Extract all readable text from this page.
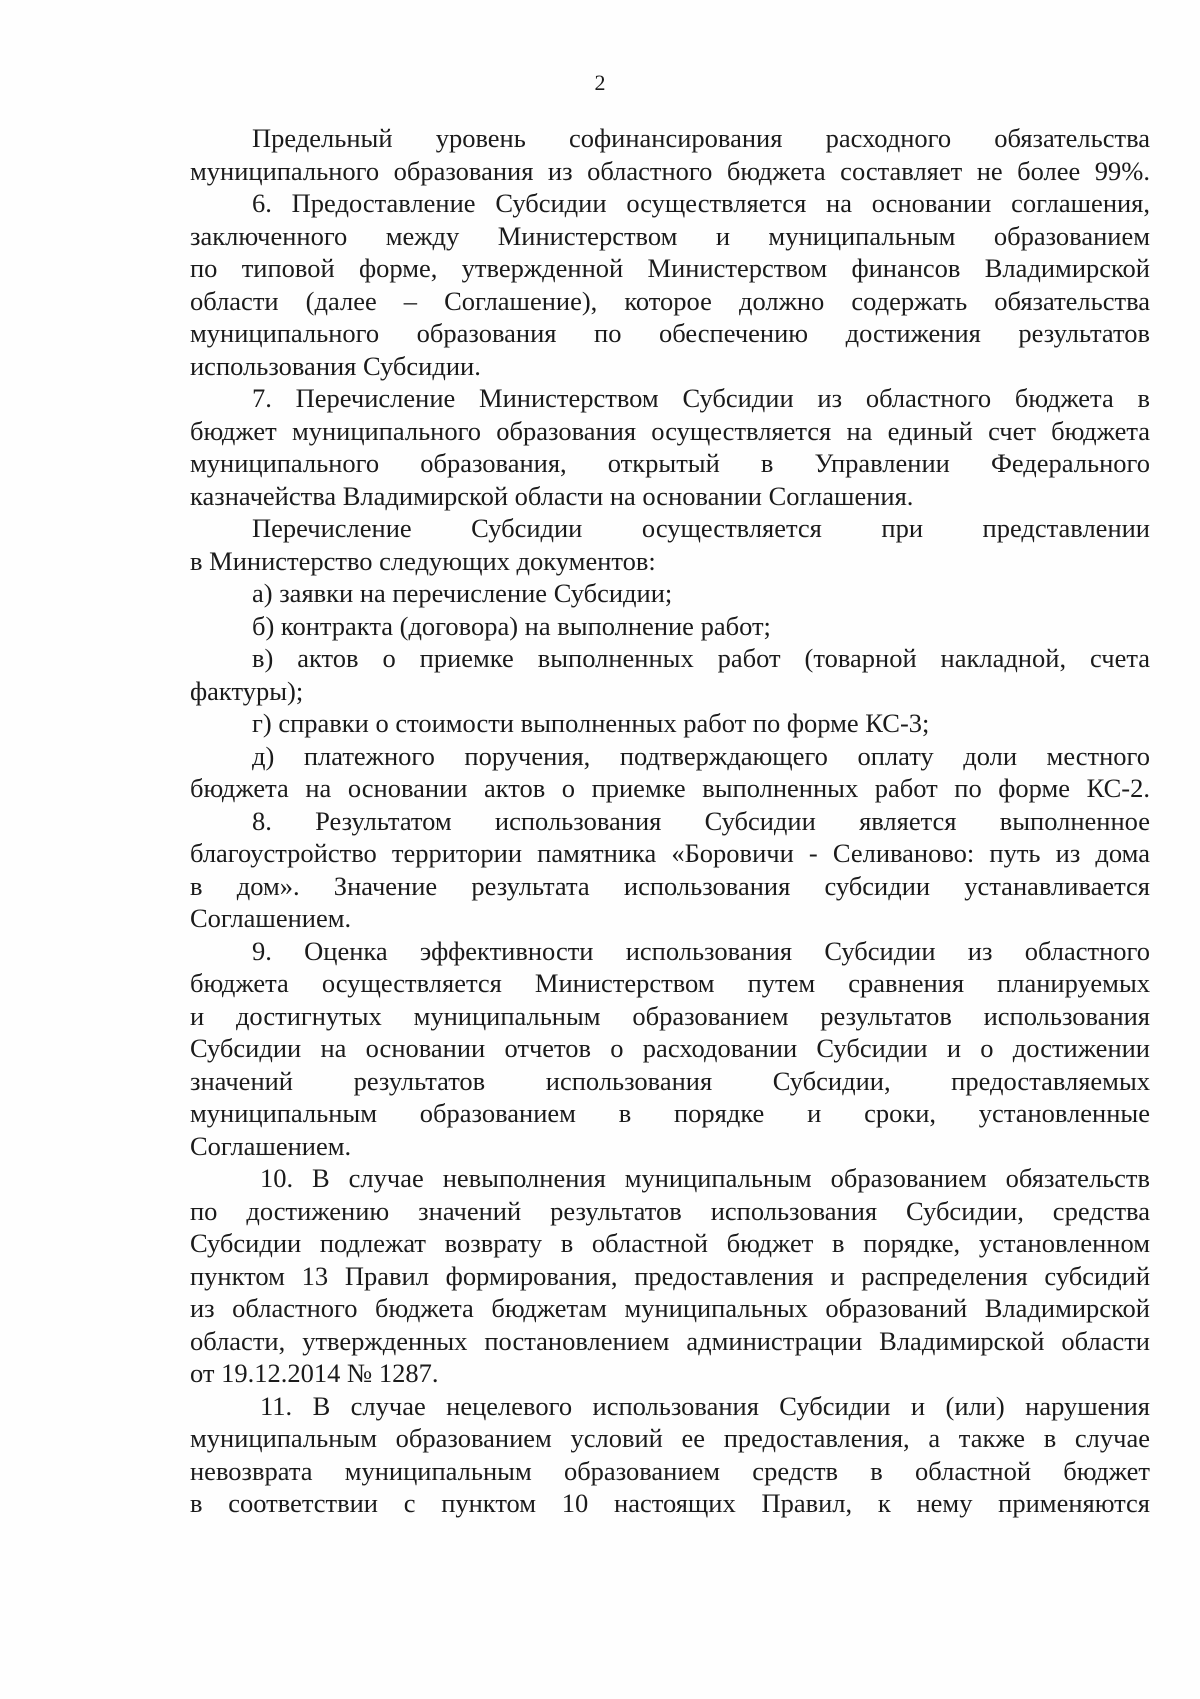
2
Предельный уровень софинансирования расходного обязательства
муниципального образования из областного бюджета составляет не более 99%.
6. Предоставление Субсидии осуществляется на основании соглашения,
заключенного между Министерством и муниципальным образованием
по типовой форме, утвержденной Министерством финансов Владимирской
области (далее – Соглашение), которое должно содержать обязательства
муниципального образования по обеспечению достижения результатов
использования Субсидии.
7. Перечисление Министерством Субсидии из областного бюджета в
бюджет муниципального образования осуществляется на единый счет бюджета
муниципального образования, открытый в Управлении Федерального
казначейства Владимирской области на основании Соглашения.
Перечисление Субсидии осуществляется при представлении
в Министерство следующих документов:
а) заявки на перечисление Субсидии;
б) контракта (договора) на выполнение работ;
в) актов о приемке выполненных работ (товарной накладной, счета
фактуры);
г) справки о стоимости выполненных работ по форме КС-3;
д) платежного поручения, подтверждающего оплату доли местного
бюджета на основании актов о приемке выполненных работ по форме КС-2.
8. Результатом использования Субсидии является выполненное
благоустройство территории памятника «Боровичи - Селиваново: путь из дома
в дом». Значение результата использования субсидии устанавливается
Соглашением.
9. Оценка эффективности использования Субсидии из областного
бюджета осуществляется Министерством путем сравнения планируемых
и достигнутых муниципальным образованием результатов использования
Субсидии на основании отчетов о расходовании Субсидии и о достижении
значений результатов использования Субсидии, предоставляемых
муниципальным образованием в порядке и сроки, установленные
Соглашением.
10. В случае невыполнения муниципальным образованием обязательств
по достижению значений результатов использования Субсидии, средства
Субсидии подлежат возврату в областной бюджет в порядке, установленном
пунктом 13 Правил формирования, предоставления и распределения субсидий
из областного бюджета бюджетам муниципальных образований Владимирской
области, утвержденных постановлением администрации Владимирской области
от 19.12.2014 № 1287.
11. В случае нецелевого использования Субсидии и (или) нарушения
муниципальным образованием условий ее предоставления, а также в случае
невозврата муниципальным образованием средств в областной бюджет
в соответствии с пунктом 10 настоящих Правил, к нему применяются
